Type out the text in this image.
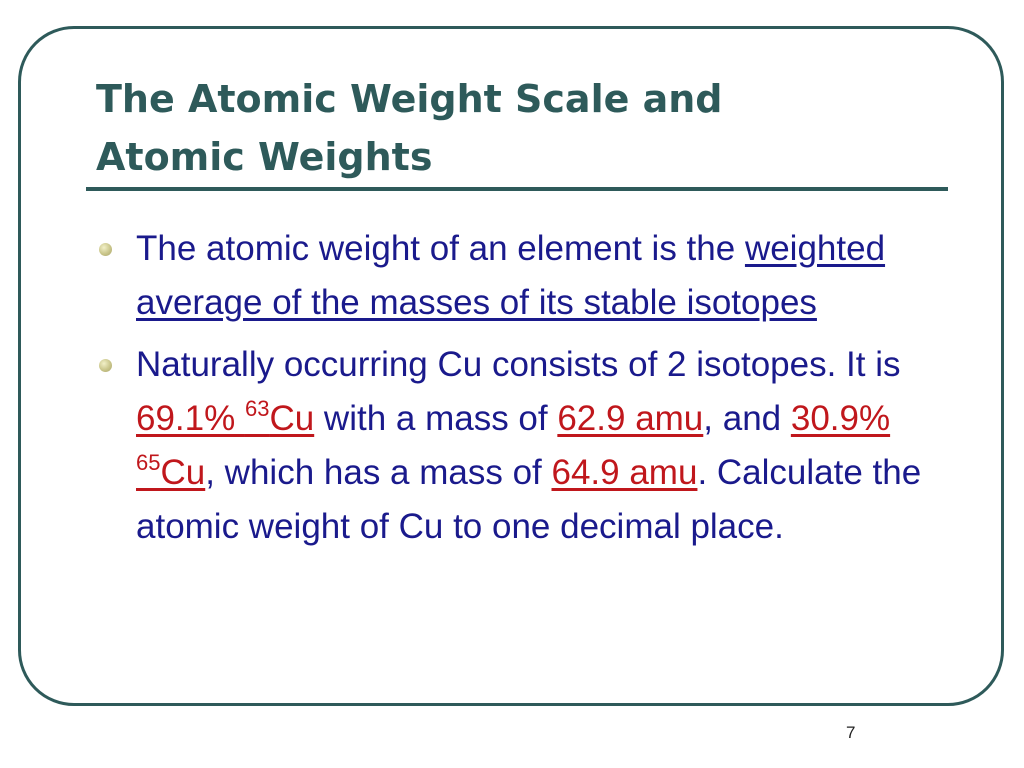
The Atomic Weight Scale and
Atomic Weights
The atomic weight of an element is the weighted average of the masses of its stable isotopes
Naturally occurring Cu consists of 2 isotopes. It is 69.1% $^{63}$Cu with a mass of 62.9 amu, and 30.9% $^{65}$Cu, which has a mass of 64.9 amu. Calculate the atomic weight of Cu to one decimal place.
7
